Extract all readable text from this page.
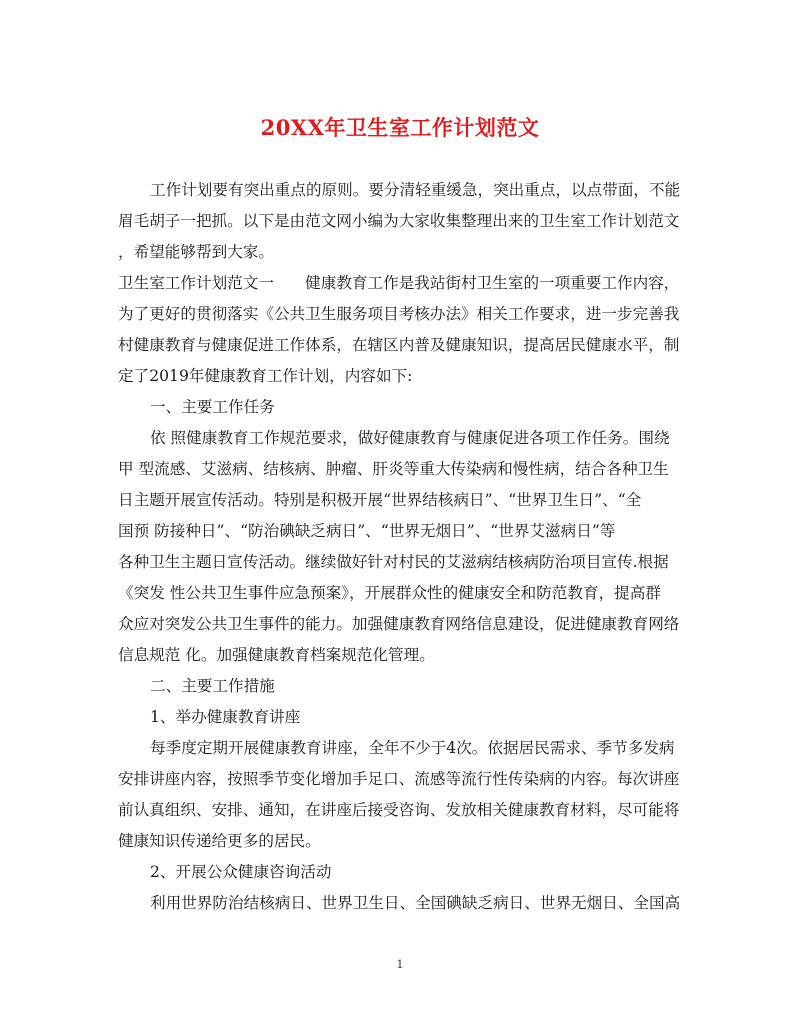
20XX年卫生室工作计划范文
工作计划要有突出重点的原则。要分清轻重缓急，突出重点，以点带面，不能
眉毛胡子一把抓。以下是由范文网小编为大家收集整理出来的卫生室工作计划范文
，希望能够帮到大家。
卫生室工作计划范文一　　健康教育工作是我站街村卫生室的一项重要工作内容，
为了更好的贯彻落实《公共卫生服务项目考核办法》相关工作要求，进一步完善我
村健康教育与健康促进工作体系，在辖区内普及健康知识，提高居民健康水平，制
定了2019年健康教育工作计划，内容如下:
一、主要工作任务
依 照健康教育工作规范要求，做好健康教育与健康促进各项工作任务。围绕
甲 型流感、艾滋病、结核病、肿瘤、肝炎等重大传染病和慢性病，结合各种卫生
日主题开展宣传活动。特别是积极开展“世界结核病日”、“世界卫生日”、“全
国预 防接种日”、“防治碘缺乏病日”、“世界无烟日”、“世界艾滋病日”等
各种卫生主题日宣传活动。继续做好针对村民的艾滋病结核病防治项目宣传.根据
《突发 性公共卫生事件应急预案》，开展群众性的健康安全和防范教育，提高群
众应对突发公共卫生事件的能力。加强健康教育网络信息建设，促进健康教育网络
信息规范 化。加强健康教育档案规范化管理。
二、主要工作措施
1、举办健康教育讲座
每季度定期开展健康教育讲座，全年不少于4次。依据居民需求、季节多发病
安排讲座内容，按照季节变化增加手足口、流感等流行性传染病的内容。每次讲座
前认真组织、安排、通知，在讲座后接受咨询、发放相关健康教育材料，尽可能将
健康知识传递给更多的居民。
2、开展公众健康咨询活动
利用世界防治结核病日、世界卫生日、全国碘缺乏病日、世界无烟日、全国高
1
